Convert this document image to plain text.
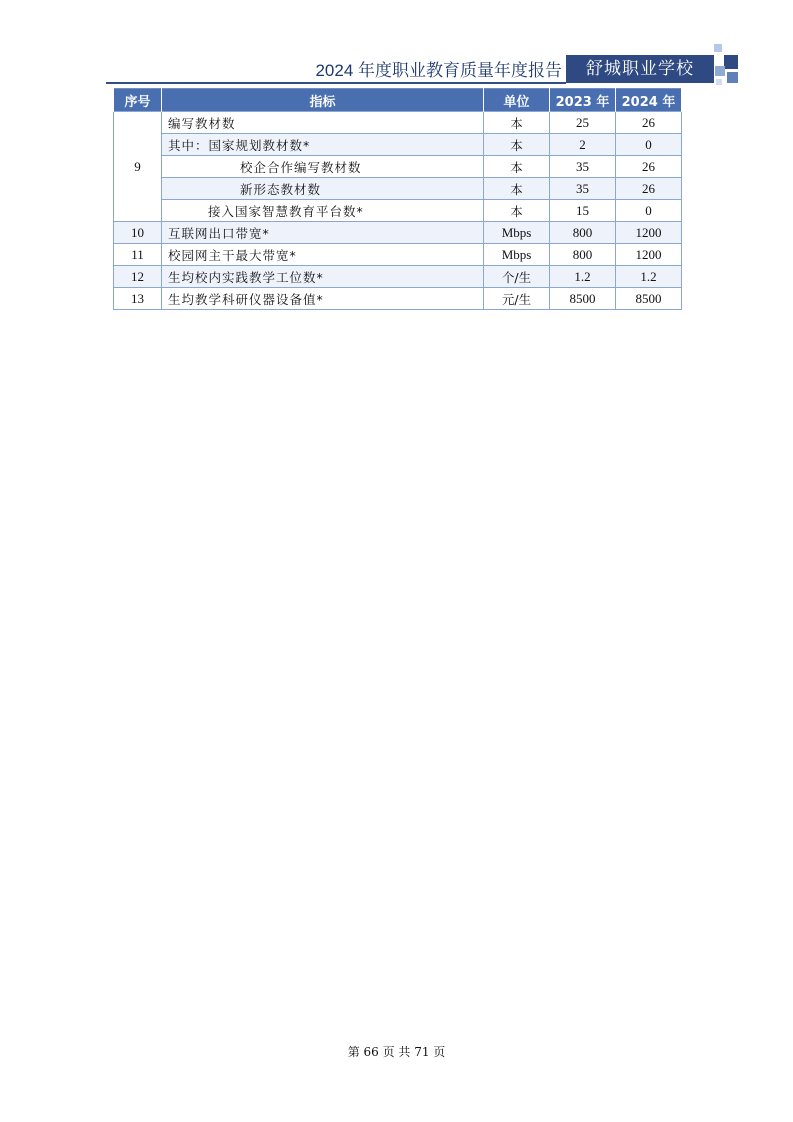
2024 年度职业教育质量年度报告	舒城职业学校
序号	指标	单位	2023 年	2024 年
9	编写教材数	本	25	26
	其中：国家规划教材数*	本	2	0
	校企合作编写教材数	本	35	26
	新形态教材数	本	35	26
	接入国家智慧教育平台数*	本	15	0
10	互联网出口带宽*	Mbps	800	1200
11	校园网主干最大带宽*	Mbps	800	1200
12	生均校内实践教学工位数*	个/生	1.2	1.2
13	生均教学科研仪器设备值*	元/生	8500	8500
第 66 页 共 71 页
